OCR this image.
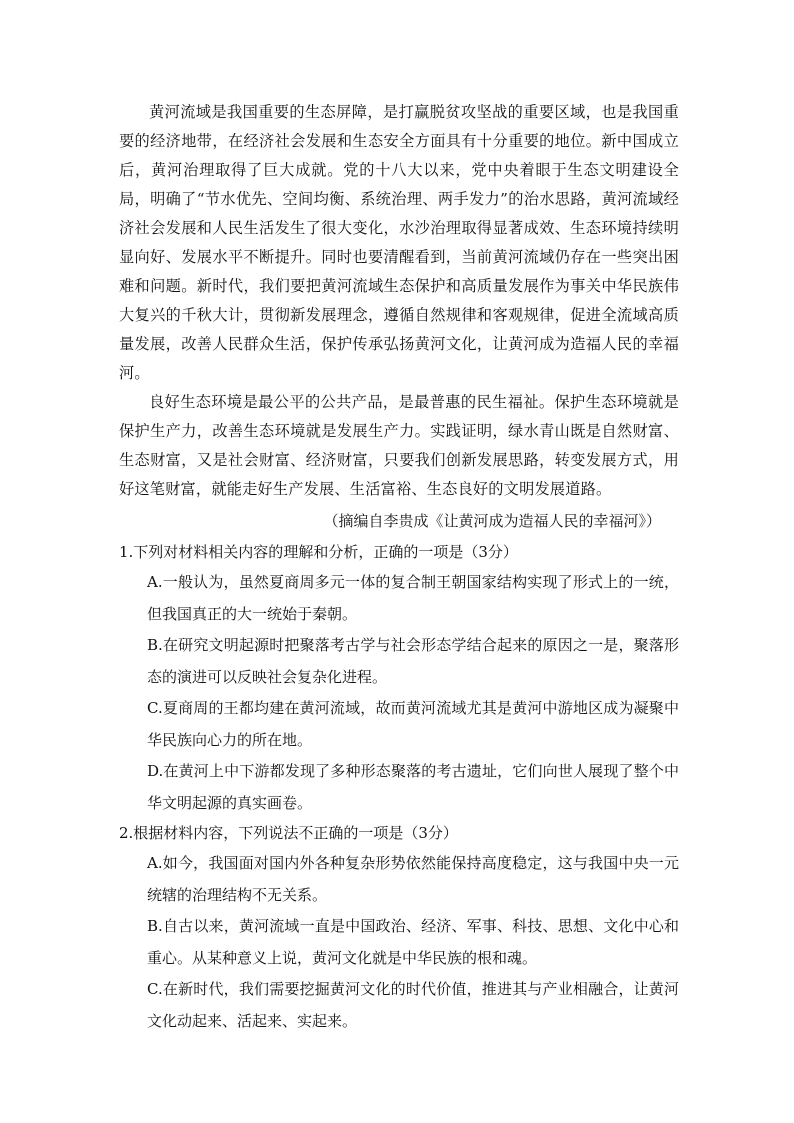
黄河流域是我国重要的生态屏障，是打赢脱贫攻坚战的重要区域，也是我国重要的经济地带，在经济社会发展和生态安全方面具有十分重要的地位。新中国成立后，黄河治理取得了巨大成就。党的十八大以来，党中央着眼于生态文明建设全局，明确了“节水优先、空间均衡、系统治理、两手发力”的治水思路，黄河流域经济社会发展和人民生活发生了很大变化，水沙治理取得显著成效、生态环境持续明显向好、发展水平不断提升。同时也要清醒看到，当前黄河流域仍存在一些突出困难和问题。新时代，我们要把黄河流域生态保护和高质量发展作为事关中华民族伟大复兴的千秋大计，贯彻新发展理念，遵循自然规律和客观规律，促进全流域高质量发展，改善人民群众生活，保护传承弘扬黄河文化，让黄河成为造福人民的幸福河。

良好生态环境是最公平的公共产品，是最普惠的民生福祉。保护生态环境就是保护生产力，改善生态环境就是发展生产力。实践证明，绿水青山既是自然财富、生态财富，又是社会财富、经济财富，只要我们创新发展思路，转变发展方式，用好这笔财富，就能走好生产发展、生活富裕、生态良好的文明发展道路。

（摘编自李贵成《让黄河成为造福人民的幸福河》）

1.下列对材料相关内容的理解和分析，正确的一项是（3分）

A.一般认为，虽然夏商周多元一体的复合制王朝国家结构实现了形式上的一统，但我国真正的大一统始于秦朝。

B.在研究文明起源时把聚落考古学与社会形态学结合起来的原因之一是，聚落形态的演进可以反映社会复杂化进程。

C.夏商周的王都均建在黄河流域，故而黄河流域尤其是黄河中游地区成为凝聚中华民族向心力的所在地。

D.在黄河上中下游都发现了多种形态聚落的考古遗址，它们向世人展现了整个中华文明起源的真实画卷。

2.根据材料内容，下列说法不正确的一项是（3分）

A.如今，我国面对国内外各种复杂形势依然能保持高度稳定，这与我国中央一元统辖的治理结构不无关系。

B.自古以来，黄河流域一直是中国政治、经济、军事、科技、思想、文化中心和重心。从某种意义上说，黄河文化就是中华民族的根和魂。

C.在新时代，我们需要挖掘黄河文化的时代价值，推进其与产业相融合，让黄河文化动起来、活起来、实起来。
